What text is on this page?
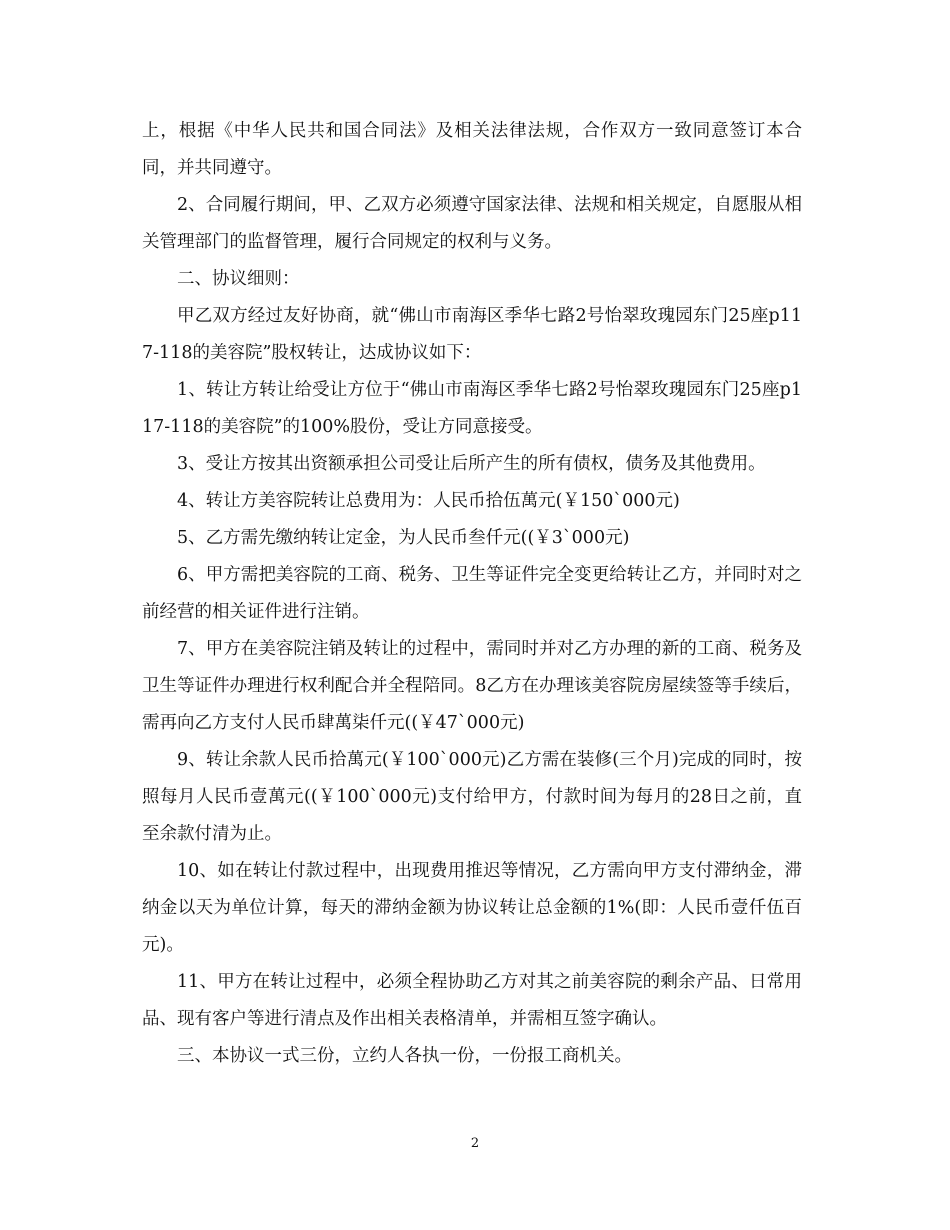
上，根据《中华人民共和国合同法》及相关法律法规，合作双方一致同意签订本合同，并共同遵守。

2、合同履行期间，甲、乙双方必须遵守国家法律、法规和相关规定，自愿服从相关管理部门的监督管理，履行合同规定的权利与义务。

二、协议细则：

甲乙双方经过友好协商，就“佛山市南海区季华七路2号怡翠玫瑰园东门25座p117-118的美容院”股权转让，达成协议如下：

1、转让方转让给受让方位于“佛山市南海区季华七路2号怡翠玫瑰园东门25座p117-118的美容院”的100%股份，受让方同意接受。

3、受让方按其出资额承担公司受让后所产生的所有债权，债务及其他费用。

4、转让方美容院转让总费用为：人民币拾伍萬元(￥150`000元)

5、乙方需先缴纳转让定金，为人民币叁仟元((￥3`000元)

6、甲方需把美容院的工商、税务、卫生等证件完全变更给转让乙方，并同时对之前经营的相关证件进行注销。

7、甲方在美容院注销及转让的过程中，需同时并对乙方办理的新的工商、税务及卫生等证件办理进行权利配合并全程陪同。8乙方在办理该美容院房屋续签等手续后，需再向乙方支付人民币肆萬柒仟元((￥47`000元)

9、转让余款人民币拾萬元(￥100`000元)乙方需在装修(三个月)完成的同时，按照每月人民币壹萬元((￥100`000元)支付给甲方，付款时间为每月的28日之前，直至余款付清为止。

10、如在转让付款过程中，出现费用推迟等情况，乙方需向甲方支付滞纳金，滞纳金以天为单位计算，每天的滞纳金额为协议转让总金额的1%(即：人民币壹仟伍百元)。

11、甲方在转让过程中，必须全程协助乙方对其之前美容院的剩余产品、日常用品、现有客户等进行清点及作出相关表格清单，并需相互签字确认。

三、本协议一式三份，立约人各执一份，一份报工商机关。

2
